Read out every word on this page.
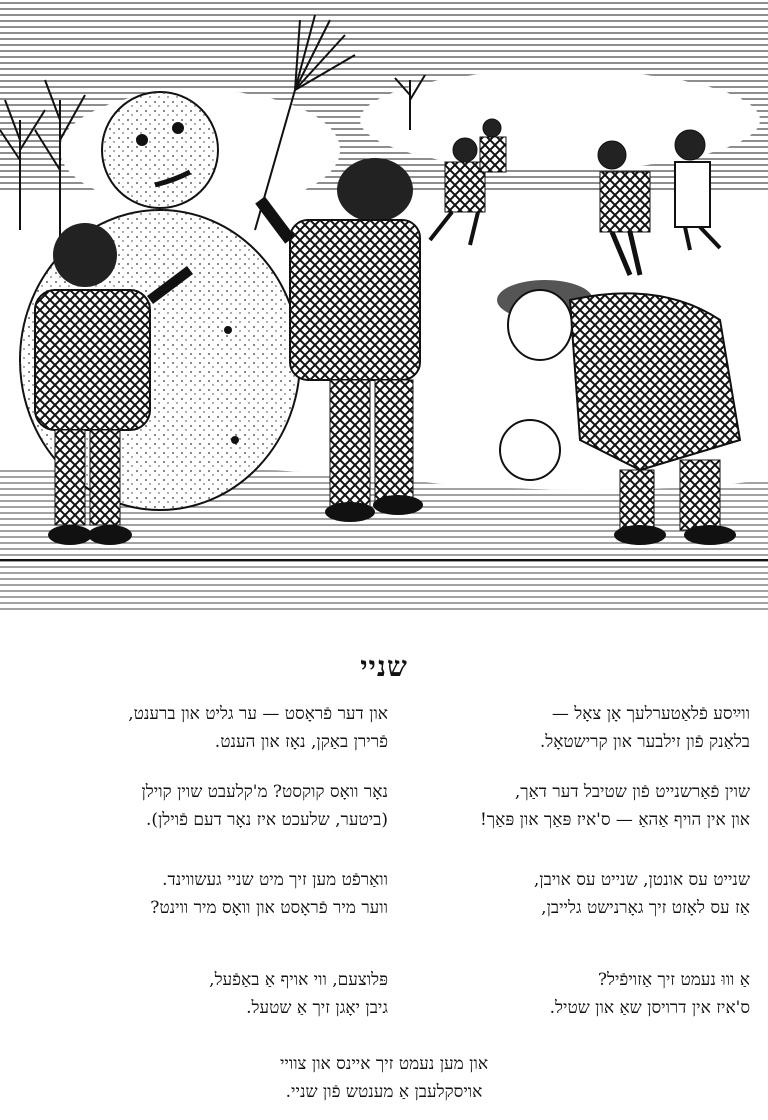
שניי
ווײַסע פֿלאַטערלעך אָן צאָל —
בלאַנק פֿון זילבער און קרישטאָל.
און דער פֿראָסט — ער גליט און ברענט,
פֿרירן באַקן, נאָז און הענט.
שוין פֿאַרשנייט פֿון שטיבל דער דאַך,
און אין הויף אַהאַ — ס'איז פּאַך און פּאַך!
נאָר וואָס קוקסט? מ'קלעבט שוין קוילן
(ביטער, שלעכט איז נאָר דעם פֿוילן).
שנייט עס אונטן, שנייט עס אויבן,
אַז עס לאָזט זיך גאָרנישט גלייבן,
וואַרפֿט מען זיך מיט שניי געשווינד.
ווער מיר פֿראָסט און וואָס מיר ווינט?
אַ וווּ נעמט זיך אַזויפֿיל?
ס'איז אין דרויסן שאַ און שטיל.
פּלוצעם, ווי אויף אַ באַפֿעל,
גיבן יאָגן זיך אַ שטעל.
און מען נעמט זיך איינס און צוויי
אויסקלעבן אַ מענטש פֿון שניי.
